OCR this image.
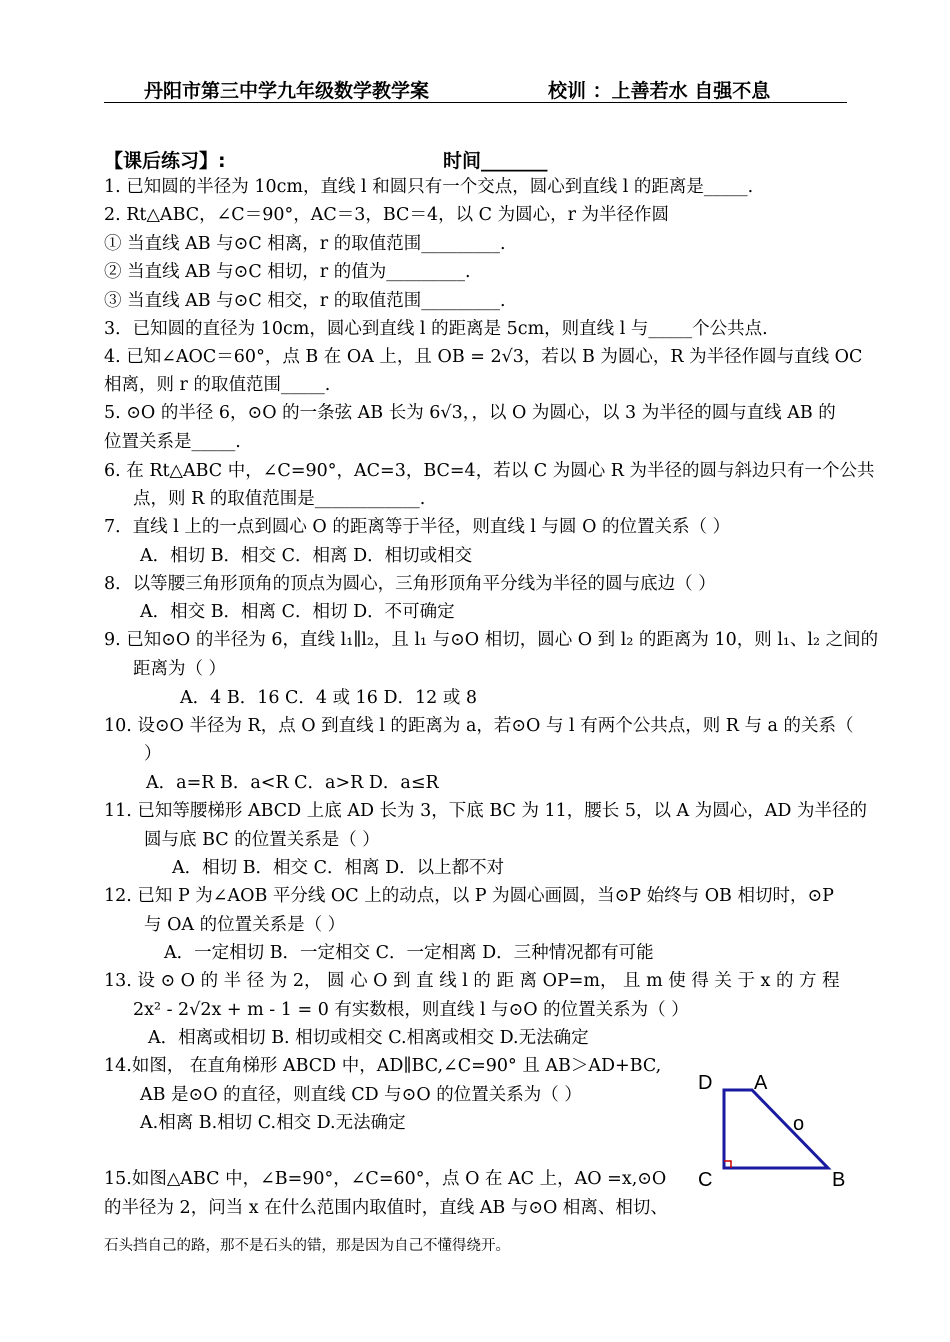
丹阳市第三中学九年级数学教学案	校训 ：上善若水 自强不息
【课后练习】:	时间_______
1. 已知圆的半径为 10cm，直线 l 和圆只有一个交点，圆心到直线 l 的距离是_____.
2. Rt△ABC，∠C＝90°，AC＝3，BC＝4，以 C 为圆心，r 为半径作圆
① 当直线 AB 与⊙C 相离，r 的取值范围_________.
② 当直线 AB 与⊙C 相切，r 的值为_________.
③ 当直线 AB 与⊙C 相交，r 的取值范围_________.
3．已知圆的直径为 10cm，圆心到直线 l 的距离是 5cm，则直线 l 与_____个公共点.
4. 已知∠AOC＝60°，点 B 在 OA 上，且 OB = 2√3，若以 B 为圆心，R 为半径作圆与直线 OC
相离，则 r 的取值范围_____.
5. ⊙O 的半径 6，⊙O 的一条弦 AB 长为 6√3，，以 O 为圆心，以 3 为半径的圆与直线 AB 的
位置关系是_____.
6. 在 Rt△ABC 中，∠C=90°，AC=3，BC=4，若以 C 为圆心 R 为半径的圆与斜边只有一个公共
点，则 R 的取值范围是____________.
7．直线 l 上的一点到圆心 O 的距离等于半径，则直线 l 与圆 O 的位置关系（ ）
A．相切 B．相交 C．相离 D．相切或相交
8．以等腰三角形顶角的顶点为圆心，三角形顶角平分线为半径的圆与底边（ ）
A．相交 B．相离 C．相切 D．不可确定
9. 已知⊙O 的半径为 6，直线 l₁∥l₂，且 l₁ 与⊙O 相切，圆心 O 到 l₂ 的距离为 10，则 l₁、l₂ 之间的
距离为（ ）
A．4 B．16 C．4 或 16 D．12 或 8
10. 设⊙O 半径为 R，点 O 到直线 l 的距离为 a，若⊙O 与 l 有两个公共点，则 R 与 a 的关系（
）
A．a=R B．a<R C．a>R D．a≤R
11. 已知等腰梯形 ABCD 上底 AD 长为 3，下底 BC 为 11，腰长 5，以 A 为圆心，AD 为半径的
圆与底 BC 的位置关系是（ ）
A．相切 B．相交 C．相离 D．以上都不对
12. 已知 P 为∠AOB 平分线 OC 上的动点，以 P 为圆心画圆，当⊙P 始终与 OB 相切时，⊙P
与 OA 的位置关系是（ ）
A．一定相切 B．一定相交 C．一定相离 D．三种情况都有可能
13. 设 ⊙ O 的 半 径 为 2， 圆 心 O 到 直 线 l 的 距 离 OP=m， 且 m 使 得 关 于 x 的 方 程
2x² - 2√2x + m - 1 = 0 有实数根，则直线 l 与⊙O 的位置关系为（ ）
A．相离或相切 B. 相切或相交 C.相离或相交 D.无法确定
14.如图， 在直角梯形 ABCD 中，AD∥BC,∠C=90° 且 AB＞AD+BC,
AB 是⊙O 的直径，则直线 CD 与⊙O 的位置关系为（ ）
A.相离 B.相切 C.相交 D.无法确定
15.如图△ABC 中，∠B=90°，∠C=60°，点 O 在 AC 上，AO =x,⊙O
的半径为 2，问当 x 在什么范围内取值时，直线 AB 与⊙O 相离、相切、
石头挡自己的路，那不是石头的错，那是因为自己不懂得绕开。
D A
o
C	B
